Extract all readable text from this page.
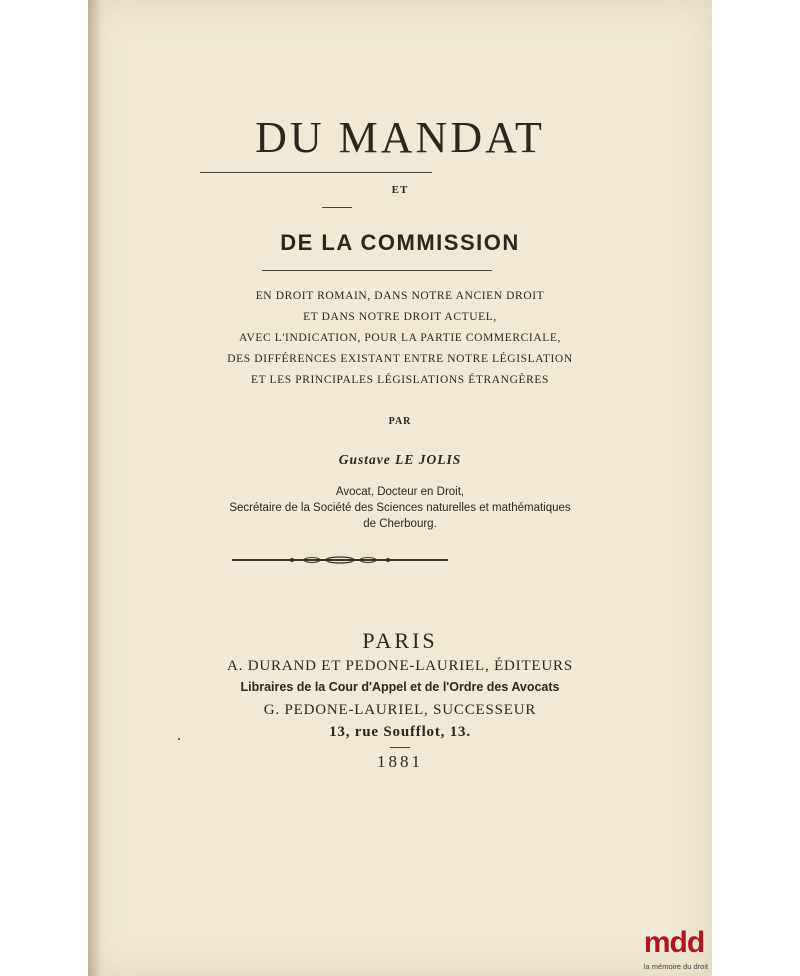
DU MANDAT
ET
DE LA COMMISSION
EN DROIT ROMAIN, DANS NOTRE ANCIEN DROIT
ET DANS NOTRE DROIT ACTUEL,
AVEC L'INDICATION, POUR LA PARTIE COMMERCIALE,
DES DIFFÉRENCES EXISTANT ENTRE NOTRE LÉGISLATION
ET LES PRINCIPALES LÉGISLATIONS ÉTRANGÈRES
PAR
Gustave LE JOLIS
Avocat, Docteur en Droit,
Secrétaire de la Société des Sciences naturelles et mathématiques
de Cherbourg.
PARIS
A. DURAND ET PEDONE-LAURIEL, ÉDITEURS
Libraires de la Cour d'Appel et de l'Ordre des Avocats
G. PEDONE-LAURIEL, SUCCESSEUR
13, rue Soufflot, 13.
1881
mdd
la mémoire du droit
